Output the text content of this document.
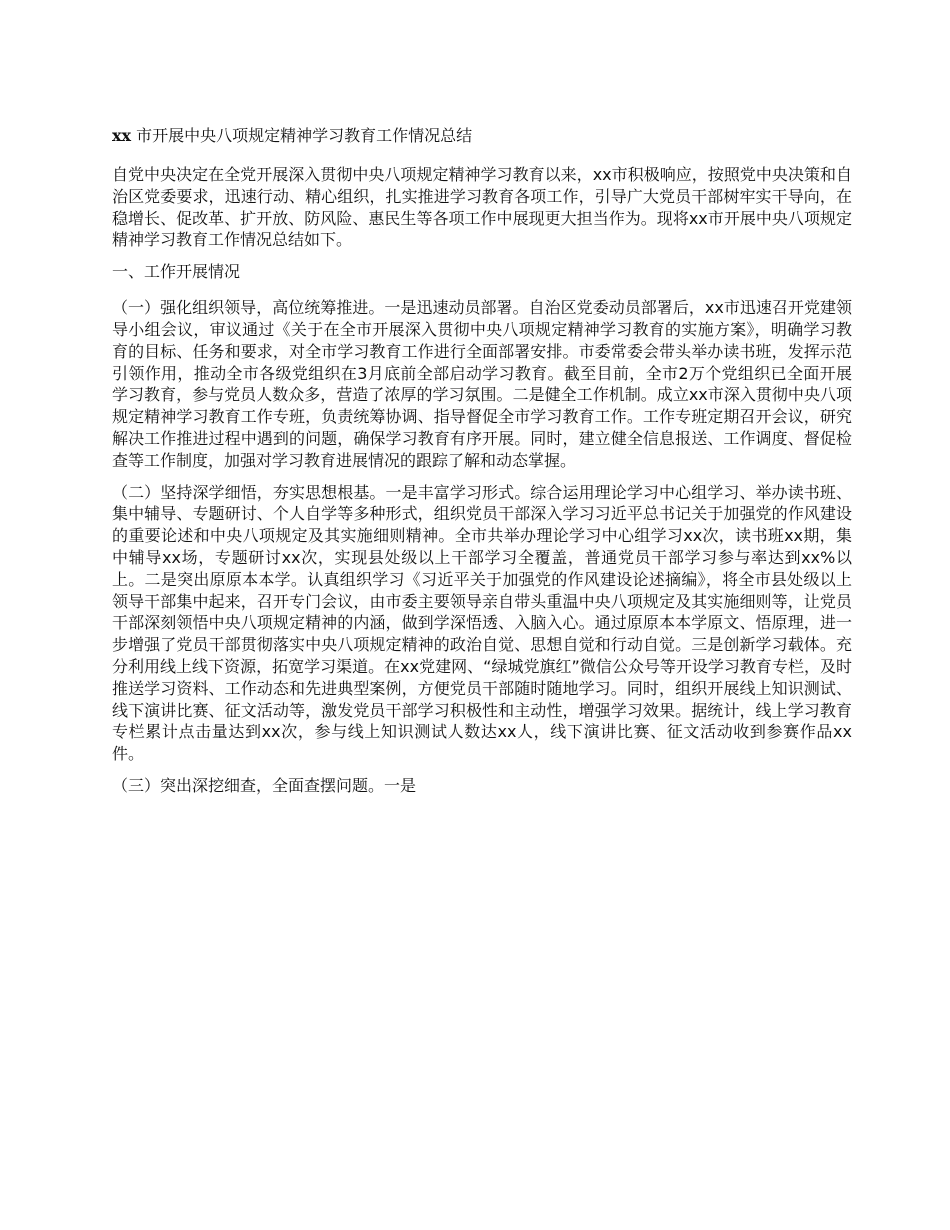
xx 市开展中央八项规定精神学习教育工作情况总结

自党中央决定在全党开展深入贯彻中央八项规定精神学习教育以来，xx市积极响应，按照党中央决策和自治区党委要求，迅速行动、精心组织，扎实推进学习教育各项工作，引导广大党员干部树牢实干导向，在稳增长、促改革、扩开放、防风险、惠民生等各项工作中展现更大担当作为。现将xx市开展中央八项规定精神学习教育工作情况总结如下。

一、工作开展情况

（一）强化组织领导，高位统筹推进。一是迅速动员部署。自治区党委动员部署后，xx市迅速召开党建领导小组会议，审议通过《关于在全市开展深入贯彻中央八项规定精神学习教育的实施方案》，明确学习教育的目标、任务和要求，对全市学习教育工作进行全面部署安排。市委常委会带头举办读书班，发挥示范引领作用，推动全市各级党组织在3月底前全部启动学习教育。截至目前，全市2万个党组织已全面开展学习教育，参与党员人数众多，营造了浓厚的学习氛围。二是健全工作机制。成立xx市深入贯彻中央八项规定精神学习教育工作专班，负责统筹协调、指导督促全市学习教育工作。工作专班定期召开会议，研究解决工作推进过程中遇到的问题，确保学习教育有序开展。同时，建立健全信息报送、工作调度、督促检查等工作制度，加强对学习教育进展情况的跟踪了解和动态掌握。

（二）坚持深学细悟，夯实思想根基。一是丰富学习形式。综合运用理论学习中心组学习、举办读书班、集中辅导、专题研讨、个人自学等多种形式，组织党员干部深入学习习近平总书记关于加强党的作风建设的重要论述和中央八项规定及其实施细则精神。全市共举办理论学习中心组学习xx次，读书班xx期，集中辅导xx场，专题研讨xx次，实现县处级以上干部学习全覆盖，普通党员干部学习参与率达到xx%以上。二是突出原原本本学。认真组织学习《习近平关于加强党的作风建设论述摘编》，将全市县处级以上领导干部集中起来，召开专门会议，由市委主要领导亲自带头重温中央八项规定及其实施细则等，让党员干部深刻领悟中央八项规定精神的内涵，做到学深悟透、入脑入心。通过原原本本学原文、悟原理，进一步增强了党员干部贯彻落实中央八项规定精神的政治自觉、思想自觉和行动自觉。三是创新学习载体。充分利用线上线下资源，拓宽学习渠道。在xx党建网、“绿城党旗红”微信公众号等开设学习教育专栏，及时推送学习资料、工作动态和先进典型案例，方便党员干部随时随地学习。同时，组织开展线上知识测试、线下演讲比赛、征文活动等，激发党员干部学习积极性和主动性，增强学习效果。据统计，线上学习教育专栏累计点击量达到xx次，参与线上知识测试人数达xx人，线下演讲比赛、征文活动收到参赛作品xx件。

（三）突出深挖细查，全面查摆问题。一是
